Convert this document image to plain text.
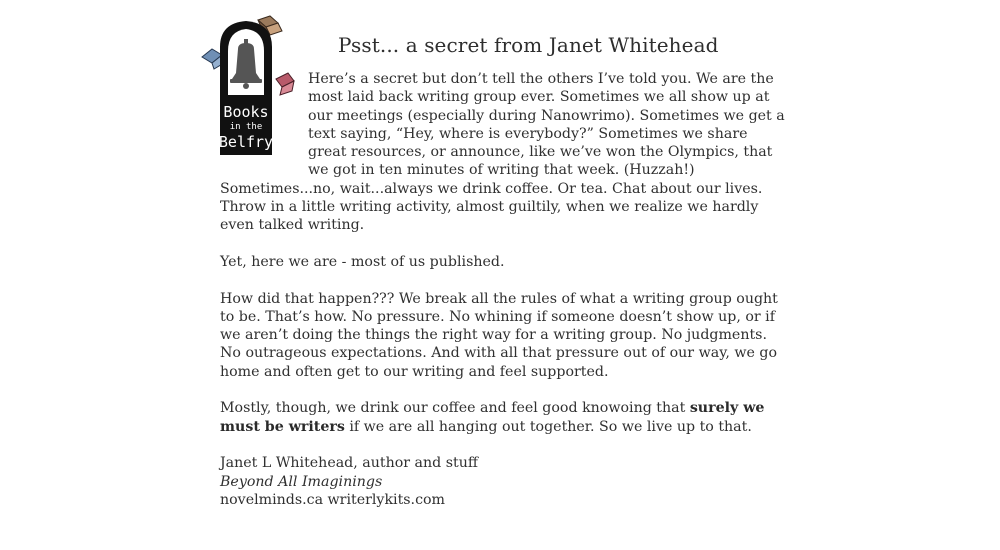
Books
in the
Belfry
Psst... a secret from Janet Whitehead

Here’s a secret but don’t tell the others I’ve told you. We are the most laid back writing group ever. Sometimes we all show up at our meetings (especially during Nanowrimo). Sometimes we get a text saying, “Hey, where is everybody?” Sometimes we share great resources, or announce, like we’ve won the Olympics, that we got in ten minutes of writing that week. (Huzzah!) Sometimes...no, wait...always we drink coffee. Or tea. Chat about our lives. Throw in a little writing activity, almost guiltily, when we realize we hardly even talked writing.

Yet, here we are - most of us published.

How did that happen??? We break all the rules of what a writing group ought to be. That’s how. No pressure. No whining if someone doesn’t show up, or if we aren’t doing the things the right way for a writing group. No judgments. No outrageous expectations. And with all that pressure out of our way, we go home and often get to our writing and feel supported.

Mostly, though, we drink our coffee and feel good knowoing that surely we must be writers if we are all hanging out together. So we live up to that.

Janet L Whitehead, author and stuff

Beyond All Imaginings

novelminds.ca writerlykits.com
